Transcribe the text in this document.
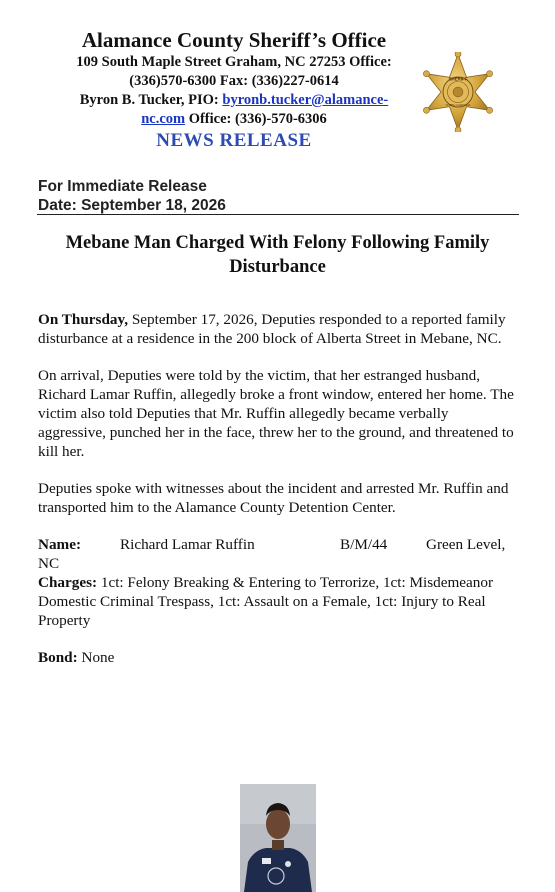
Alamance County Sheriff’s Office
109 South Maple Street Graham, NC 27253 Office:
(336)570-6300 Fax: (336)227-0614
Byron B. Tucker, PIO: byronb.tucker@alamance-
nc.com Office: (336)-570-6306
NEWS RELEASE
SHERIFF
NORTH CAROLINA
For Immediate Release
Date: September 18, 2026
Mebane Man Charged With Felony Following Family Disturbance

On Thursday, September 17, 2026, Deputies responded to a reported family disturbance at a residence in the 200 block of Alberta Street in Mebane, NC.

On arrival, Deputies were told by the victim, that her estranged husband, Richard Lamar Ruffin, allegedly broke a front window, entered her home. The victim also told Deputies that Mr. Ruffin allegedly became verbally aggressive, punched her in the face, threw her to the ground, and threatened to kill her.

Deputies spoke with witnesses about the incident and arrested Mr. Ruffin and transported him to the Alamance County Detention Center.

Name:	Richard Lamar Ruffin	B/M/44	Green Level,
NC

Charges: 1ct: Felony Breaking & Entering to Terrorize, 1ct: Misdemeanor Domestic Criminal Trespass, 1ct: Assault on a Female, 1ct: Injury to Real Property

Bond: None
